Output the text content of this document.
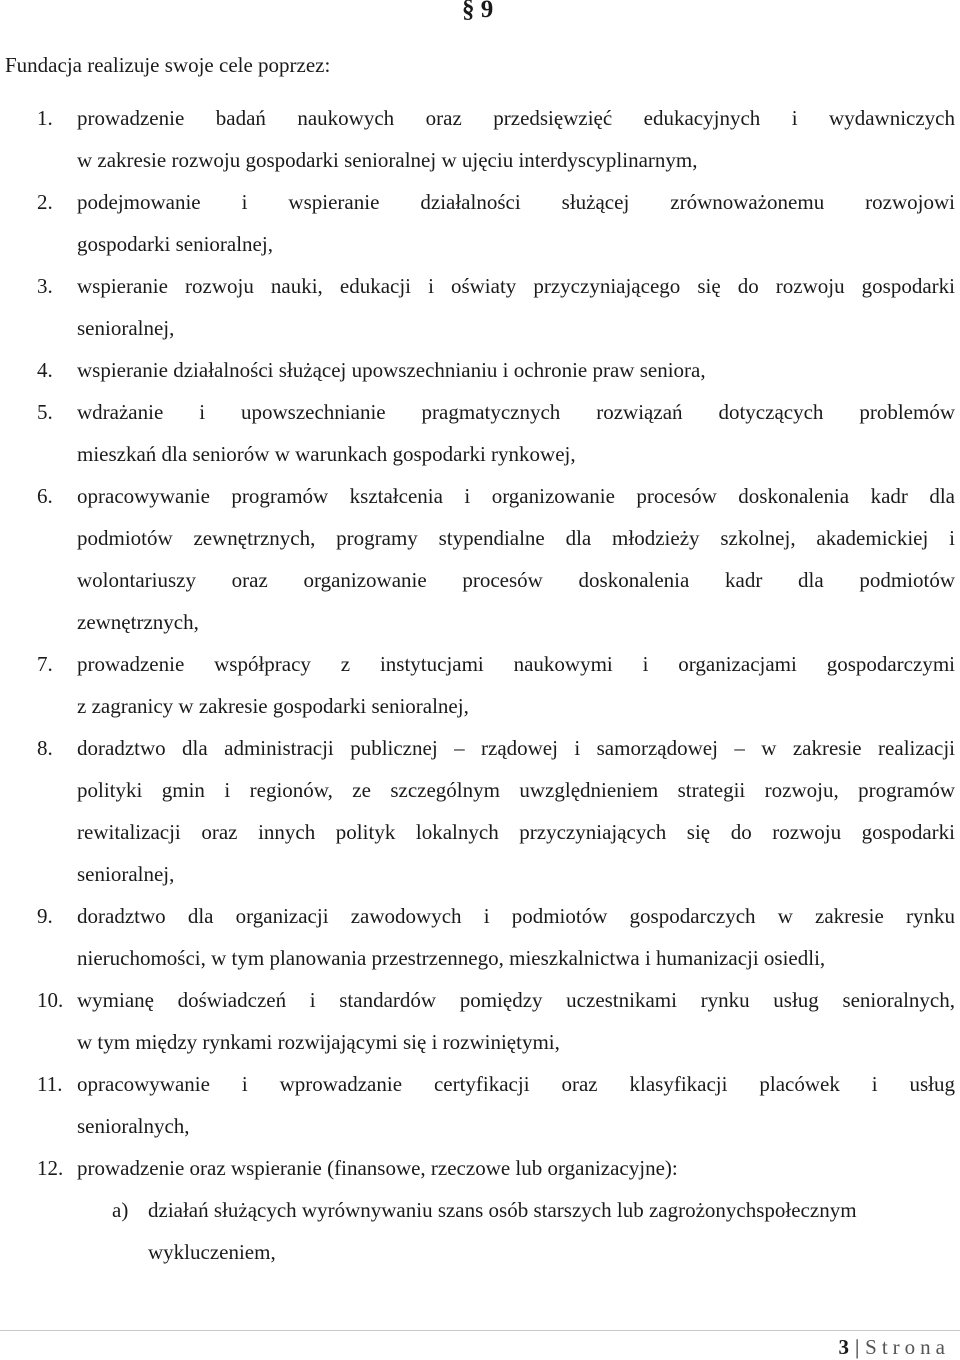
§ 9
Fundacja realizuje swoje cele poprzez:
1. prowadzenie badań naukowych oraz przedsięwzięć edukacyjnych i wydawniczych
w zakresie rozwoju gospodarki senioralnej w ujęciu interdyscyplinarnym,
2. podejmowanie i wspieranie działalności służącej zrównoważonemu rozwojowi
gospodarki senioralnej,
3. wspieranie rozwoju nauki, edukacji i oświaty przyczyniającego się do rozwoju gospodarki
senioralnej,
4. wspieranie działalności służącej upowszechnianiu i ochronie praw seniora,
5. wdrażanie i upowszechnianie pragmatycznych rozwiązań dotyczących problemów
mieszkań dla seniorów w warunkach gospodarki rynkowej,
6. opracowywanie programów kształcenia i organizowanie procesów doskonalenia kadr dla
podmiotów zewnętrznych, programy stypendialne dla młodzieży szkolnej, akademickiej i
wolontariuszy oraz organizowanie procesów doskonalenia kadr dla podmiotów
zewnętrznych,
7. prowadzenie współpracy z instytucjami naukowymi i organizacjami gospodarczymi
z zagranicy w zakresie gospodarki senioralnej,
8. doradztwo dla administracji publicznej – rządowej i samorządowej – w zakresie realizacji
polityki gmin i regionów, ze szczególnym uwzględnieniem strategii rozwoju, programów
rewitalizacji oraz innych polityk lokalnych przyczyniających się do rozwoju gospodarki
senioralnej,
9. doradztwo dla organizacji zawodowych i podmiotów gospodarczych w zakresie rynku
nieruchomości, w tym planowania przestrzennego, mieszkalnictwa i humanizacji osiedli,
10. wymianę doświadczeń i standardów pomiędzy uczestnikami rynku usług senioralnych,
w tym między rynkami rozwijającymi się i rozwiniętymi,
11. opracowywanie i wprowadzanie certyfikacji oraz klasyfikacji placówek i usług
senioralnych,
12. prowadzenie oraz wspieranie (finansowe, rzeczowe lub organizacyjne):
a) działań służących wyrównywaniu szans osób starszych lub zagrożonychspołecznym wykluczeniem,
3 | Strona
